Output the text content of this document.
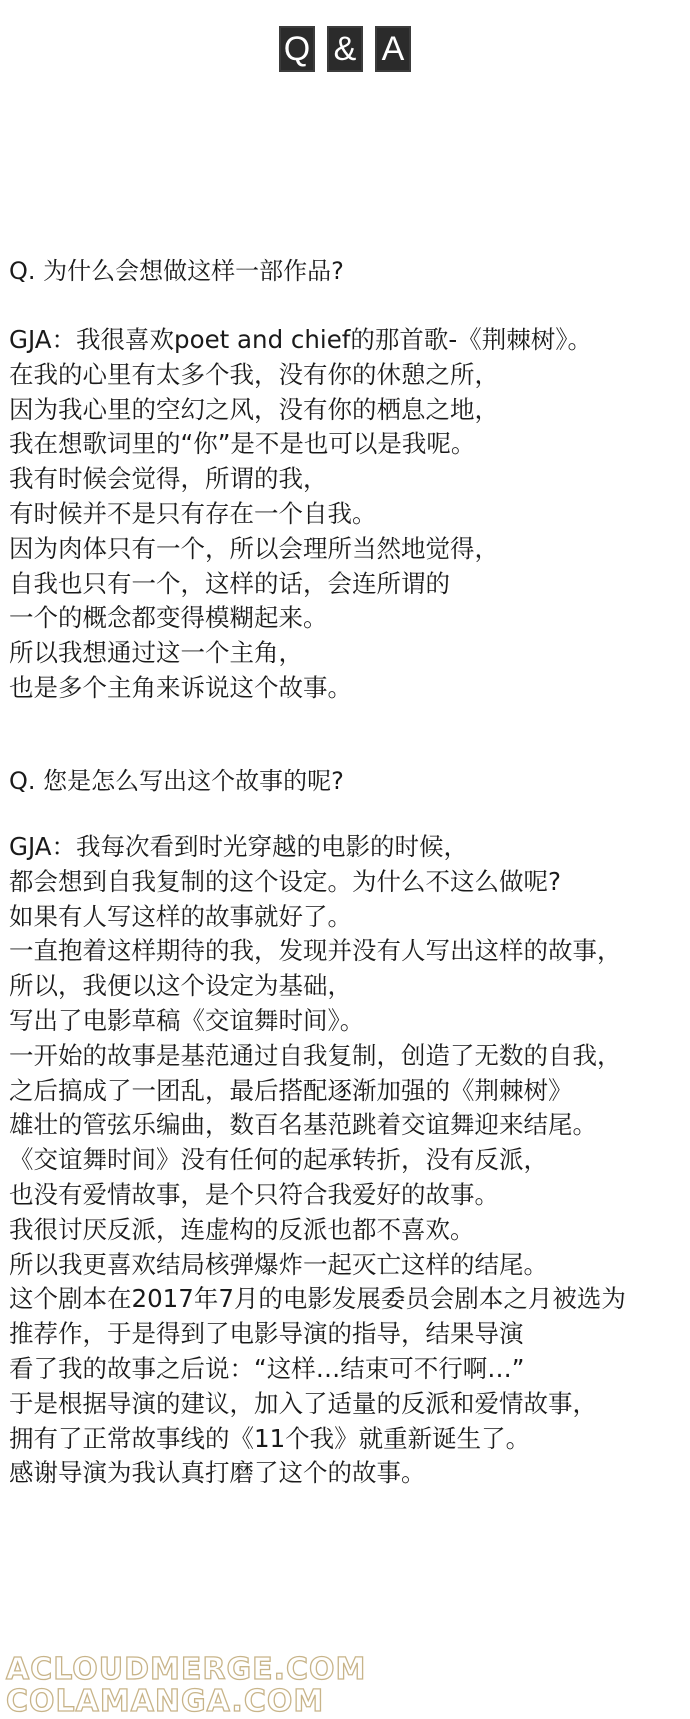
Q & A
Q. 为什么会想做这样一部作品?
GJA：我很喜欢poet and chief的那首歌-《荆棘树》。
在我的心里有太多个我，没有你的休憩之所，
因为我心里的空幻之风，没有你的栖息之地，
我在想歌词里的“你”是不是也可以是我呢。
我有时候会觉得，所谓的我，
有时候并不是只有存在一个自我。
因为肉体只有一个，所以会理所当然地觉得，
自我也只有一个，这样的话，会连所谓的
一个的概念都变得模糊起来。
所以我想通过这一个主角，
也是多个主角来诉说这个故事。
Q. 您是怎么写出这个故事的呢?
GJA：我每次看到时光穿越的电影的时候，
都会想到自我复制的这个设定。为什么不这么做呢?
如果有人写这样的故事就好了。
一直抱着这样期待的我，发现并没有人写出这样的故事，
所以，我便以这个设定为基础，
写出了电影草稿《交谊舞时间》。
一开始的故事是基范通过自我复制，创造了无数的自我，
之后搞成了一团乱，最后搭配逐渐加强的《荆棘树》
雄壮的管弦乐编曲，数百名基范跳着交谊舞迎来结尾。
《交谊舞时间》没有任何的起承转折，没有反派，
也没有爱情故事，是个只符合我爱好的故事。
我很讨厌反派，连虚构的反派也都不喜欢。
所以我更喜欢结局核弹爆炸一起灭亡这样的结尾。
这个剧本在2017年7月的电影发展委员会剧本之月被选为
推荐作，于是得到了电影导演的指导，结果导演
看了我的故事之后说：“这样…结束可不行啊…”
于是根据导演的建议，加入了适量的反派和爱情故事，
拥有了正常故事线的《11个我》就重新诞生了。
感谢导演为我认真打磨了这个的故事。
ACLOUDMERGE.COM
COLAMANGA.COM
